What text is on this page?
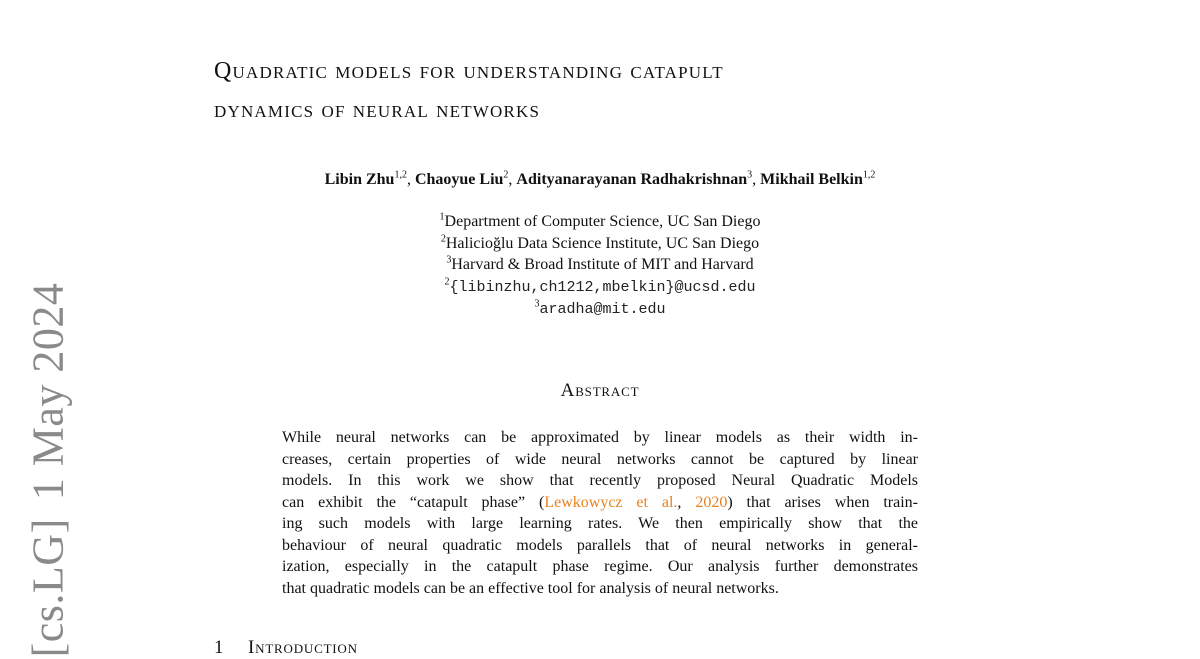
[cs.LG]1 May 2024
Quadratic models for understanding catapult
dynamics of neural networks
Libin Zhu$^{1,2}$, Chaoyue Liu$^2$, Adityanarayanan Radhakrishnan$^3$, Mikhail Belkin$^{1,2}$
$^1$Department of Computer Science, UC San Diego
$^2$Halicioğlu Data Science Institute, UC San Diego
$^3$Harvard & Broad Institute of MIT and Harvard
$^2${libinzhu,ch1212,mbelkin}@ucsd.edu
$^3$aradha@mit.edu
Abstract
While neural networks can be approximated by linear models as their width in-
creases, certain properties of wide neural networks cannot be captured by linear
models. In this work we show that recently proposed Neural Quadratic Models
can exhibit the “catapult phase” (Lewkowycz et al., 2020) that arises when train-
ing such models with large learning rates. We then empirically show that the
behaviour of neural quadratic models parallels that of neural networks in general-
ization, especially in the catapult phase regime. Our analysis further demonstrates
that quadratic models can be an effective tool for analysis of neural networks.
1 Introduction
